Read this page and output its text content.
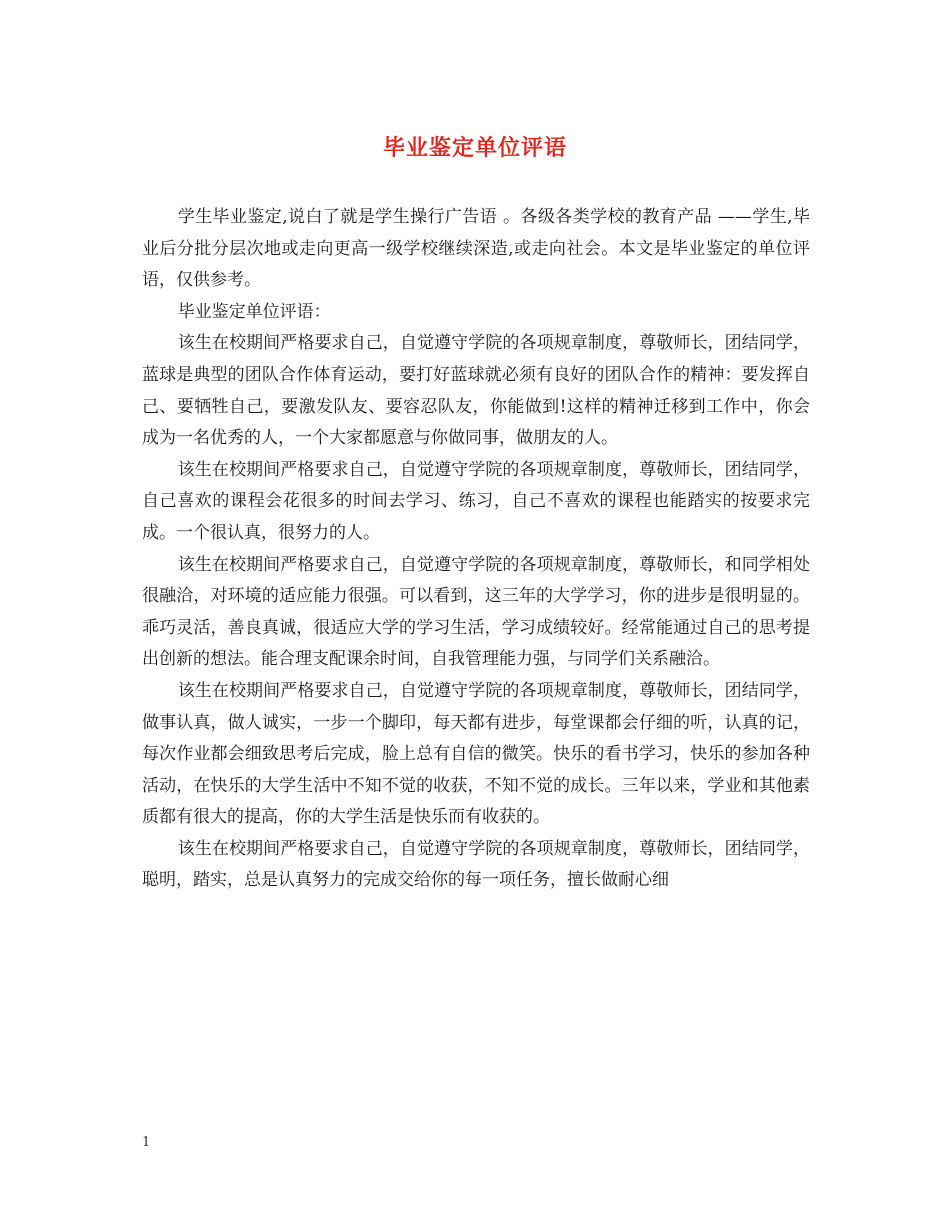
毕业鉴定单位评语

学生毕业鉴定,说白了就是学生操行广告语 。各级各类学校的教育产品 ——学生,毕业后分批分层次地或走向更高一级学校继续深造,或走向社会。本文是毕业鉴定的单位评语，仅供参考。

毕业鉴定单位评语：

该生在校期间严格要求自己，自觉遵守学院的各项规章制度，尊敬师长，团结同学，蓝球是典型的团队合作体育运动，要打好蓝球就必须有良好的团队合作的精神：要发挥自己、要牺牲自己，要激发队友、要容忍队友，你能做到!这样的精神迁移到工作中，你会成为一名优秀的人，一个大家都愿意与你做同事，做朋友的人。

该生在校期间严格要求自己，自觉遵守学院的各项规章制度，尊敬师长，团结同学，自己喜欢的课程会花很多的时间去学习、练习，自己不喜欢的课程也能踏实的按要求完成。一个很认真，很努力的人。

该生在校期间严格要求自己，自觉遵守学院的各项规章制度，尊敬师长，和同学相处很融洽，对环境的适应能力很强。可以看到，这三年的大学学习，你的进步是很明显的。乖巧灵活，善良真诚，很适应大学的学习生活，学习成绩较好。经常能通过自己的思考提出创新的想法。能合理支配课余时间，自我管理能力强，与同学们关系融洽。

该生在校期间严格要求自己，自觉遵守学院的各项规章制度，尊敬师长，团结同学，做事认真，做人诚实，一步一个脚印，每天都有进步，每堂课都会仔细的听，认真的记，每次作业都会细致思考后完成，脸上总有自信的微笑。快乐的看书学习，快乐的参加各种活动，在快乐的大学生活中不知不觉的收获，不知不觉的成长。三年以来，学业和其他素质都有很大的提高，你的大学生活是快乐而有收获的。

该生在校期间严格要求自己，自觉遵守学院的各项规章制度，尊敬师长，团结同学，聪明，踏实，总是认真努力的完成交给你的每一项任务，擅长做耐心细

1
